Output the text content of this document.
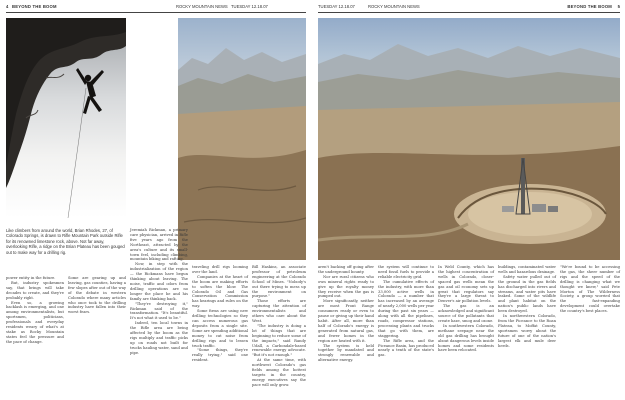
4 BEYOND THE BOOM	ROCKY MOUNTAIN NEWS TUESDAY 12.18.07	TUESDAY 12.18.07	ROCKY MOUNTAIN NEWS	BEYOND THE BOOM 5
Like climbers from around the world, Brian Rhodes, 27, of Colorado Springs, is drawn to Rifle Mountain Park outside Rifle for its renowned limestone rock, above. Not far away, overlooking Rifle, a ridge on the Brian Plateau has been gouged out to make way for a drilling rig.

power entity in the future.

But, industry spokesmen say, that brings will take decades to create, and they're probably right.

Even so, a growing backlash is emerging, and one among environmentalists, but sportsmen, politicians, professionals and everyday residents weary of what's at stake as Rocky Mountain states feel the pressure and the pace of change.

Some are gearing up and leaving, gas counties, having a few slopes after out of the way of the debate in western Colorado where many articles who once took to the drilling industry have fallen into their worst fears.

Jeremiah Rickman, a primary care physician, arrived in Rifle five years ago from the Northeast, attracted by the area's culture and its small-town feel, including climbing, mountain biking and rafting.

Now, in step with the industrialization of the region — the Rickmans have begun thinking about leaving. The noise, traffic and odors from drilling operations are no longer the place he and his family are thinking back.

"They're destroying it," Rickman said of the transformation. "It's beautiful. It's not what it used to be."

Indeed, ten local towns in the Rifle area are being affected by the boom as the rigs multiply and traffic picks up on roads not built for trucks hauling water, sand and pipe.

traveling drill rigs looming over the land.

Companies at the heart of the boom are making efforts to soften the blow. The Colorado Oil and Gas Conservation Commission has hearings and rules on the way.

Some firms are using new drilling technologies so they can access numerous gas deposits from a single site. Some are spending additional money to cut noise from drilling rigs and to lessen truck traffic.

"Some things, they're really trying," said one resident.

Bill Haskins, an associate professor of petroleum engineering at the Colorado School of Mines. "Nobody's out there trying to mess up the environment on purpose."

Those efforts are capturing the attention of environmentalists and others who care about the West.

"The industry is doing a lot of things that are beginning to reduce some of the impacts," said Randy Udall, a Carbondale-based renewable energy advocate. "But it's not enough."

At the same time, with northwest Colorado's gas fields among the hottest targets in the country, energy executives say the pace will only grow.

aren't backing off going after the underground bounty.

Nor are rural citizens who own mineral rights ready to give up the royalty money they receive when the gas is pumped out.

More significantly, neither are most Front Range consumers ready or even to pause or giving up their hand habit. After all, more than half of Colorado's energy is generated from natural gas, and fewer homes in the region are heated with it.

The system is held together by mandated and strongly renewable and alternative energy.

the system will continue to need fossil fuels to provide a reliable electricity grid.

The cumulative effects of the industry, with more than 33,000 active wells in Colorado — a number that has increased by an average of nearly 2,000 wells per year during the past six years — along with all the pipelines, roads, compressor stations, processing plants and trucks that go with them, are staggering.

The Rifle area, and the Piceance Basin, has produced nearly a tenth of the state's gas.

In Weld County, which has the highest concentration of wells in Colorado, closer-spaced gas wells mean the gas and oil economy sets up great that regulators say they're a large threat to Denver's air pollution levels.

The gas is an acknowledged and significant source of the pollutants that create haze, smog and ozone.

In southwestern Colorado, methane seepage near the old gas drilling has brought about dangerous levels inside homes and some residents have been relocated.

buildings, contaminated water wells and hazardous drainage.

Safety water pulled out of the ground in the gas fields has discharged into rivers and streams, and water pits have leaked. Some of the wildlife and plant habitat on the nation's public lands have been destroyed.

In northwestern Colorado, from the Piceance to the Roan Plateau, to Moffat County, sportsmen worry about the future of one of the nation's largest elk and mule deer herds.

"We're bound to be accessing the gas, the sheer number of rigs and the speed of the drilling is changing what we thought we knew," said Pete Morton of The Wilderness Society, a group worried that the fast-expanding development could overtake the country's best places.
